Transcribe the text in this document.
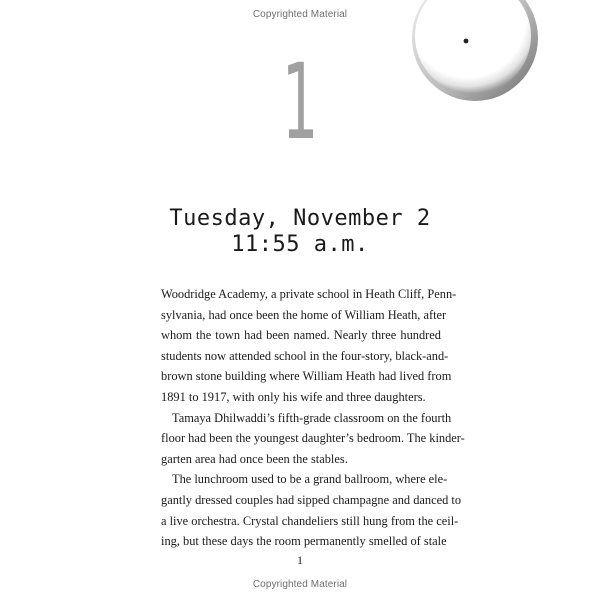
Copyrighted Material
1
Tuesday, November 2
11:55 a.m.

Woodridge Academy, a private school in Heath Cliff, Penn-
sylvania, had once been the home of William Heath, after
whom the town had been named. Nearly three hundred
students now attended school in the four-story, black-and-
brown stone building where William Heath had lived from
1891 to 1917, with only his wife and three daughters.

Tamaya Dhilwaddi’s fifth-grade classroom on the fourth
floor had been the youngest daughter’s bedroom. The kinder-
garten area had once been the stables.

The lunchroom used to be a grand ballroom, where ele-
gantly dressed couples had sipped champagne and danced to
a live orchestra. Crystal chandeliers still hung from the ceil-
ing, but these days the room permanently smelled of stale

1
Copyrighted Material
